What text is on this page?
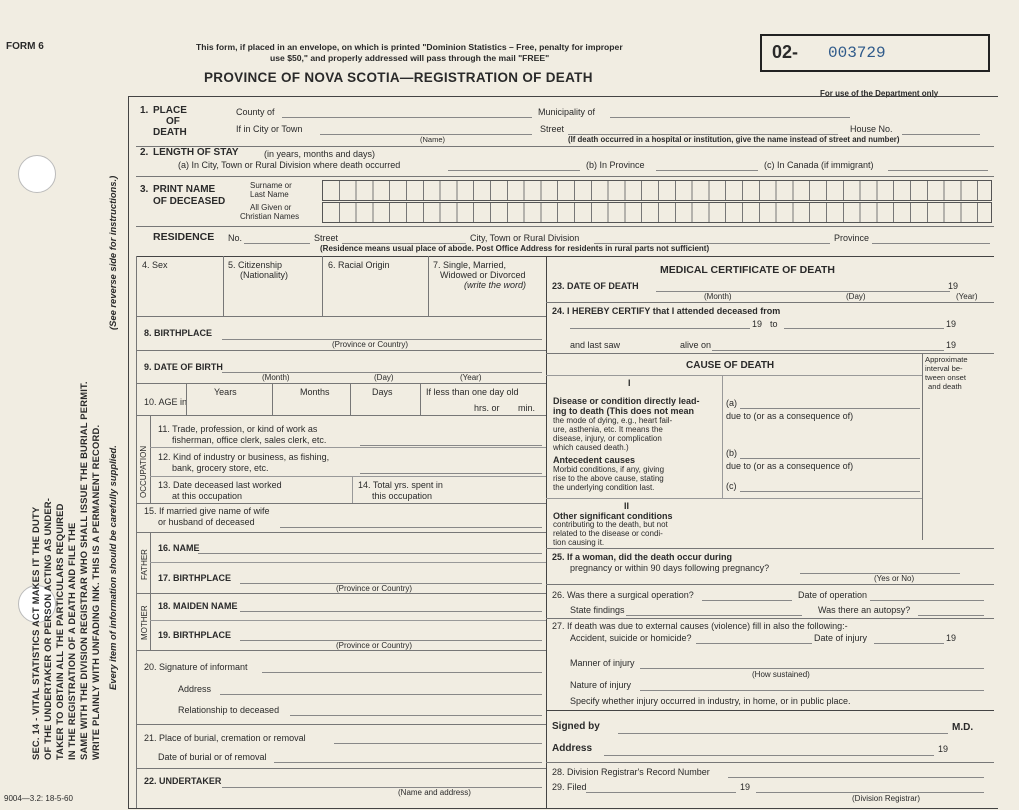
SEC. 14 - VITAL STATISTICS ACT MAKES IT THE DUTY OF THE UNDERTAKER OR PERSON ACTING AS UNDER- TAKER TO OBTAIN ALL THE PARTICULARS REQUIRED IN THE REGISTRATION OF A DEATH AND FILE THE SAME WITH THE DIVISION REGISTRAR WHO SHALL ISSUE THE BURIAL PERMIT. WRITE PLAINLY WITH UNFADING INK. THIS IS A PERMANENT RECORD.
(See reverse side for instructions.)
Every item of information should be carefully supplied.
FORM 6
9004—3.2: 18-5-60
This form, if placed in an envelope, on which is printed "Dominion Statistics – Free, penalty for improper
use $50," and properly addressed will pass through the mail "FREE"
PROVINCE OF NOVA SCOTIA—REGISTRATION OF DEATH
02- 003729
For use of the Department only
1. PLACE
OF
DEATH
County of	Municipality of
If in City or Town	Street	House No.
(Name)	(If death occurred in a hospital or institution, give the name instead of street and number)
2. LENGTH OF STAY	(in years, months and days)
(a) In City, Town or Rural Division where death occurred	(b) In Province	(c) In Canada (if immigrant)
3. PRINT NAME
OF DECEASED
Surname or
Last Name
All Given or
Christian Names
RESIDENCE No.	Street	City, Town or Rural Division	Province
(Residence means usual place of abode. Post Office Address for residents in rural parts not sufficient)
4. Sex	5. Citizenship
(Nationality)
6. Racial Origin	7. Single, Married,
Widowed or Divorced
(write the word)
8. BIRTHPLACE
(Province or Country)
9. DATE OF BIRTH
(Month)	(Day)	(Year)
10. AGE in
Years	Months	Days	If less than one day old
hrs. or min.
OCCUPATION
11. Trade, profession, or kind of work as
fisherman, office clerk, sales clerk, etc.
12. Kind of industry or business, as fishing,
bank, grocery store, etc.
13. Date deceased last worked
at this occupation
14. Total yrs. spent in
this occupation
15. If married give name of wife
or husband of deceased
FATHER
16. NAME
17. BIRTHPLACE
(Province or Country)
MOTHER 18. MAIDEN NAME
19. BIRTHPLACE
(Province or Country)
20. Signature of informant
Address
Relationship to deceased
21. Place of burial, cremation or removal
Date of burial or of removal
22. UNDERTAKER
(Name and address)
MEDICAL CERTIFICATE OF DEATH
23. DATE OF DEATH	19
(Month)	(Day)	(Year)
24. I HEREBY CERTIFY that I attended deceased from
19 to	19
and last saw	alive on	19
CAUSE OF DEATH
Approximate
interval be-
tween onset
and death
I
Disease or condition directly lead-
ing to death (This does not mean
the mode of dying, e.g., heart fail-
ure, asthenia, etc. It means the
disease, injury, or complication
which caused death.)
(a)
due to (or as a consequence of)
(b)
due to (or as a consequence of)
(c)
Antecedent causes
Morbid conditions, if any, giving
rise to the above cause, stating
the underlying condition last.
II
Other significant conditions
contributing to the death, but not
related to the disease or condi-
tion causing it.
25. If a woman, did the death occur during
pregnancy or within 90 days following pregnancy?
(Yes or No)
26. Was there a surgical operation?	Date of operation
State findings	Was there an autopsy?
27. If death was due to external causes (violence) fill in also the following:-
Accident, suicide or homicide?	Date of injury	19
Manner of injury
(How sustained)
Nature of injury
Specify whether injury occurred in industry, in home, or in public place.
Signed by	M.D.
Address	19
28. Division Registrar's Record Number
29. Filed	19
(Division Registrar)
